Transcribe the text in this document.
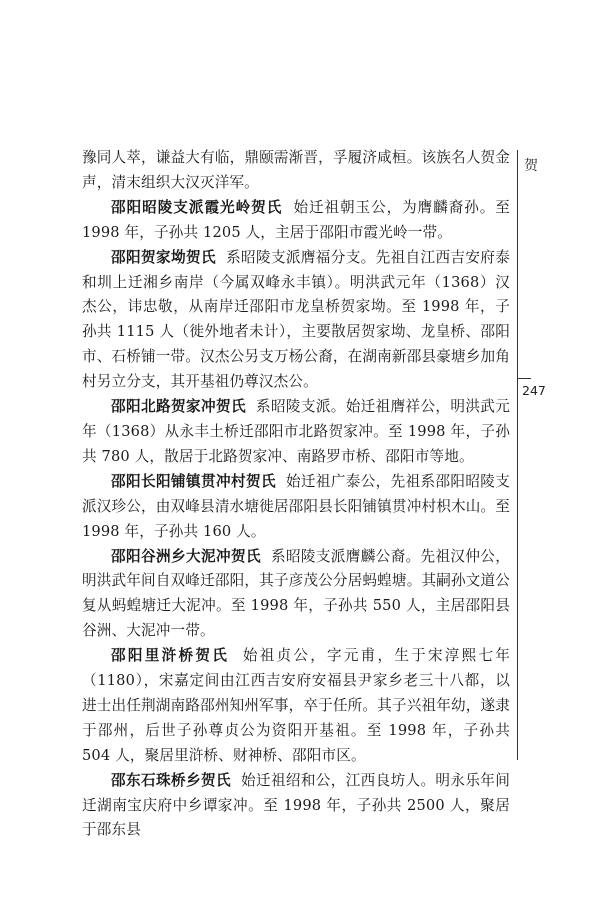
豫同人萃，谦益大有临，鼎颐需渐晋，孚履济咸桓。该族名人贺金声，清末组织大汉灭洋军。

邵阳昭陵支派霞光岭贺氏 始迁祖朝玉公，为膺麟裔孙。至 1998 年，子孙共 1205 人，主居于邵阳市霞光岭一带。

邵阳贺家坳贺氏 系昭陵支派膺福分支。先祖自江西吉安府泰和圳上迁湘乡南岸（今属双峰永丰镇）。明洪武元年（1368）汉杰公，讳忠敬，从南岸迁邵阳市龙皇桥贺家坳。至 1998 年，子孙共 1115 人（徙外地者未计），主要散居贺家坳、龙皇桥、邵阳市、石桥铺一带。汉杰公另支万杨公裔，在湖南新邵县豪塘乡加角村另立分支，其开基祖仍尊汉杰公。

邵阳北路贺家冲贺氏 系昭陵支派。始迁祖膺祥公，明洪武元年（1368）从永丰土桥迁邵阳市北路贺家冲。至 1998 年，子孙共 780 人，散居于北路贺家冲、南路罗市桥、邵阳市等地。

邵阳长阳铺镇贯冲村贺氏 始迁祖广泰公，先祖系邵阳昭陵支派汉珍公，由双峰县清水塘徙居邵阳县长阳铺镇贯冲村枳木山。至 1998 年，子孙共 160 人。

邵阳谷洲乡大泥冲贺氏 系昭陵支派膺麟公裔。先祖汉仲公，明洪武年间自双峰迁邵阳，其子彦茂公分居蚂蝗塘。其嗣孙文道公复从蚂蝗塘迁大泥冲。至 1998 年，子孙共 550 人，主居邵阳县谷洲、大泥冲一带。

邵阳里浒桥贺氏 始祖贞公，字元甫，生于宋淳熙七年（1180），宋嘉定间由江西吉安府安福县尹家乡老三十八都，以进士出任荆湖南路邵州知州军事，卒于任所。其子兴祖年幼，遂隶于邵州，后世子孙尊贞公为资阳开基祖。至 1998 年，子孙共 504 人，聚居里浒桥、财神桥、邵阳市区。

邵东石珠桥乡贺氏 始迁祖绍和公，江西良坊人。明永乐年间迁湖南宝庆府中乡谭家冲。至 1998 年，子孙共 2500 人，聚居于邵东县

贺
247
